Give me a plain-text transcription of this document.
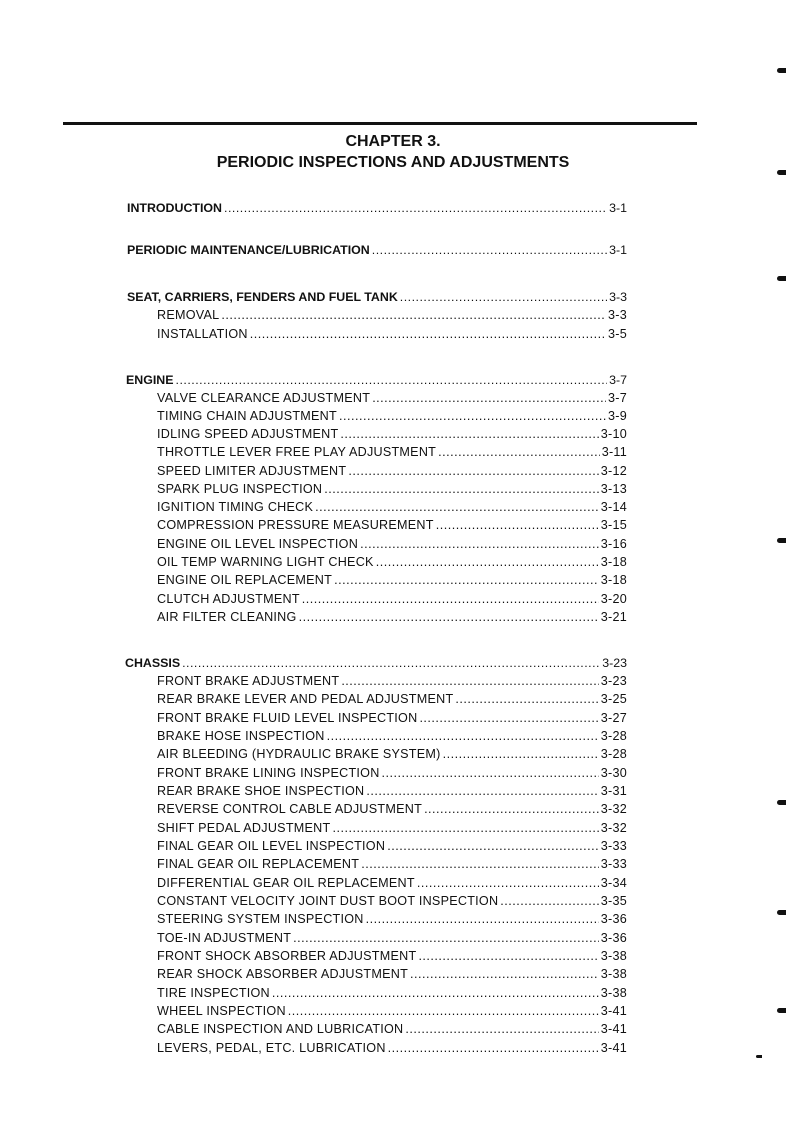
CHAPTER 3.
PERIODIC INSPECTIONS AND ADJUSTMENTS
INTRODUCTION .....	3-1
PERIODIC MAINTENANCE/LUBRICATION .....	3-1
SEAT, CARRIERS, FENDERS AND FUEL TANK .....	3-3
REMOVAL .....	3-3
INSTALLATION .....	3-5
ENGINE .....	3-7
VALVE CLEARANCE ADJUSTMENT .....	3-7
TIMING CHAIN ADJUSTMENT .....	3-9
IDLING SPEED ADJUSTMENT .....	3-10
THROTTLE LEVER FREE PLAY ADJUSTMENT .....	3-11
SPEED LIMITER ADJUSTMENT .....	3-12
SPARK PLUG INSPECTION .....	3-13
IGNITION TIMING CHECK .....	3-14
COMPRESSION PRESSURE MEASUREMENT .....	3-15
ENGINE OIL LEVEL INSPECTION .....	3-16
OIL TEMP WARNING LIGHT CHECK .....	3-18
ENGINE OIL REPLACEMENT .....	3-18
CLUTCH ADJUSTMENT .....	3-20
AIR FILTER CLEANING .....	3-21
CHASSIS .....	3-23
FRONT BRAKE ADJUSTMENT .....	3-23
REAR BRAKE LEVER AND PEDAL ADJUSTMENT .....	3-25
FRONT BRAKE FLUID LEVEL INSPECTION .....	3-27
BRAKE HOSE INSPECTION .....	3-28
AIR BLEEDING (HYDRAULIC BRAKE SYSTEM) .....	3-28
FRONT BRAKE LINING INSPECTION .....	3-30
REAR BRAKE SHOE INSPECTION .....	3-31
REVERSE CONTROL CABLE ADJUSTMENT .....	3-32
SHIFT PEDAL ADJUSTMENT .....	3-32
FINAL GEAR OIL LEVEL INSPECTION .....	3-33
FINAL GEAR OIL REPLACEMENT .....	3-33
DIFFERENTIAL GEAR OIL REPLACEMENT .....	3-34
CONSTANT VELOCITY JOINT DUST BOOT INSPECTION .....	3-35
STEERING SYSTEM INSPECTION .....	3-36
TOE-IN ADJUSTMENT .....	3-36
FRONT SHOCK ABSORBER ADJUSTMENT .....	3-38
REAR SHOCK ABSORBER ADJUSTMENT .....	3-38
TIRE INSPECTION .....	3-38
WHEEL INSPECTION .....	3-41
CABLE INSPECTION AND LUBRICATION .....	3-41
LEVERS, PEDAL, ETC. LUBRICATION .....	3-41
